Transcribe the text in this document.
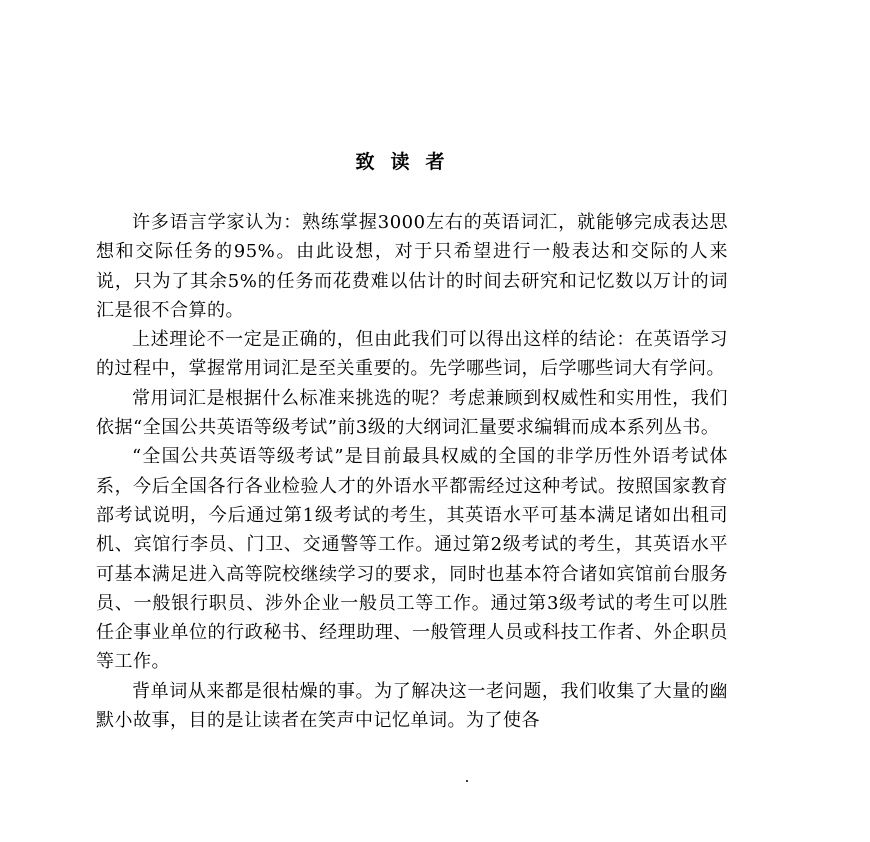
致读者

许多语言学家认为：熟练掌握3000左右的英语词汇，就能够完成表达思想和交际任务的95%。由此设想，对于只希望进行一般表达和交际的人来说，只为了其余5%的任务而花费难以估计的时间去研究和记忆数以万计的词汇是很不合算的。

上述理论不一定是正确的，但由此我们可以得出这样的结论：在英语学习的过程中，掌握常用词汇是至关重要的。先学哪些词，后学哪些词大有学问。

常用词汇是根据什么标准来挑选的呢？考虑兼顾到权威性和实用性，我们依据“全国公共英语等级考试”前3级的大纲词汇量要求编辑而成本系列丛书。

“全国公共英语等级考试”是目前最具权威的全国的非学历性外语考试体系，今后全国各行各业检验人才的外语水平都需经过这种考试。按照国家教育部考试说明，今后通过第1级考试的考生，其英语水平可基本满足诸如出租司机、宾馆行李员、门卫、交通警等工作。通过第2级考试的考生，其英语水平可基本满足进入高等院校继续学习的要求，同时也基本符合诸如宾馆前台服务员、一般银行职员、涉外企业一般员工等工作。通过第3级考试的考生可以胜任企事业单位的行政秘书、经理助理、一般管理人员或科技工作者、外企职员等工作。

背单词从来都是很枯燥的事。为了解决这一老问题，我们收集了大量的幽默小故事，目的是让读者在笑声中记忆单词。为了使各
